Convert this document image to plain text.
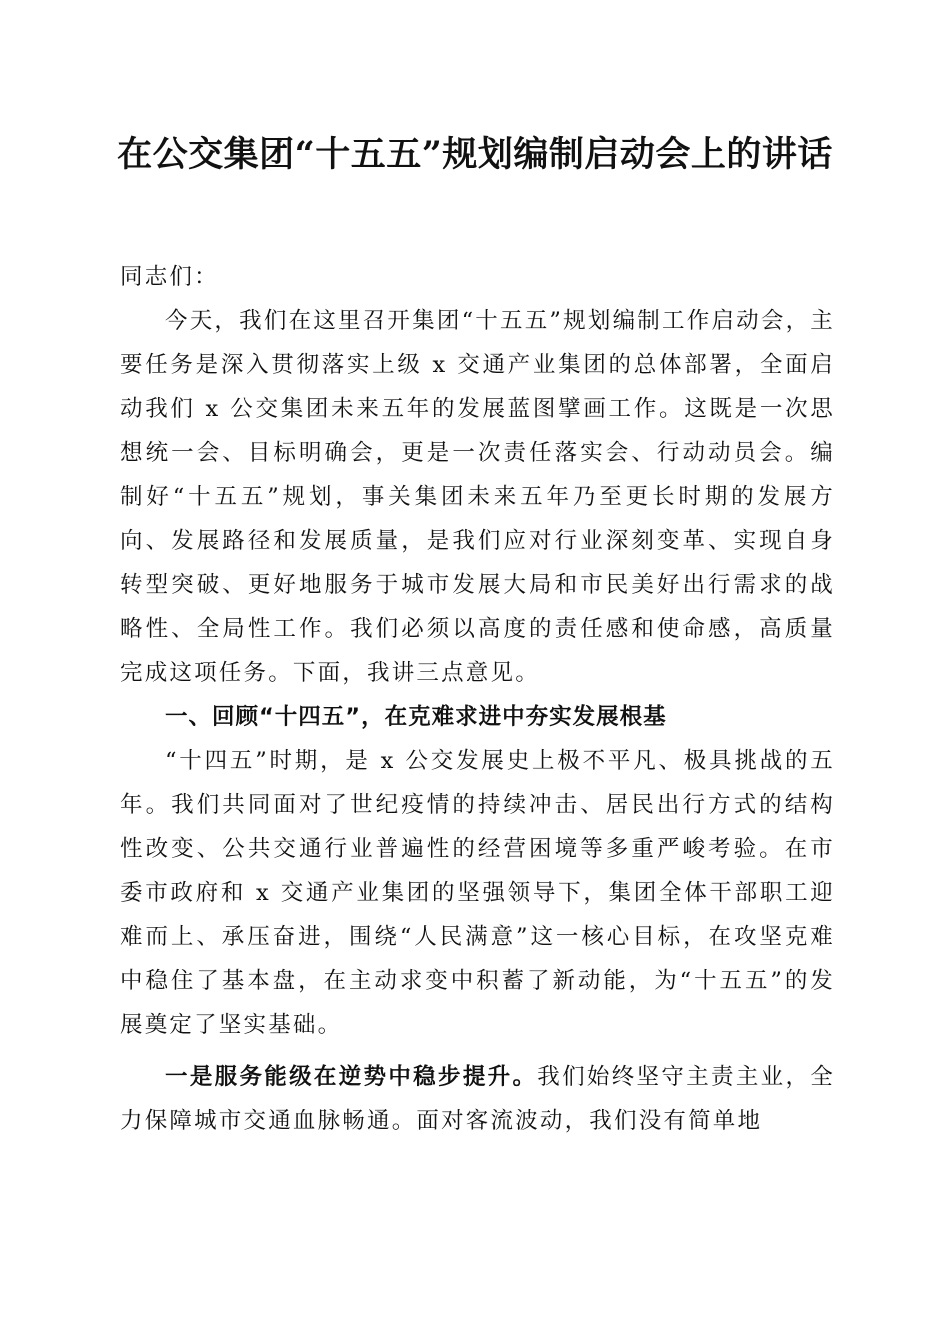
在公交集团“十五五”规划编制启动会上的讲话

同志们：

今天，我们在这里召开集团“十五五”规划编制工作启动会，主要任务是深入贯彻落实上级 x 交通产业集团的总体部署，全面启动我们 x 公交集团未来五年的发展蓝图擘画工作。这既是一次思想统一会、目标明确会，更是一次责任落实会、行动动员会。编制好“十五五”规划，事关集团未来五年乃至更长时期的发展方向、发展路径和发展质量，是我们应对行业深刻变革、实现自身转型突破、更好地服务于城市发展大局和市民美好出行需求的战略性、全局性工作。我们必须以高度的责任感和使命感，高质量完成这项任务。下面，我讲三点意见。

一、回顾“十四五”，在克难求进中夯实发展根基

“十四五”时期，是 x 公交发展史上极不平凡、极具挑战的五年。我们共同面对了世纪疫情的持续冲击、居民出行方式的结构性改变、公共交通行业普遍性的经营困境等多重严峻考验。在市委市政府和 x 交通产业集团的坚强领导下，集团全体干部职工迎难而上、承压奋进，围绕“人民满意”这一核心目标，在攻坚克难中稳住了基本盘，在主动求变中积蓄了新动能，为“十五五”的发展奠定了坚实基础。

一是服务能级在逆势中稳步提升。我们始终坚守主责主业，全力保障城市交通血脉畅通。面对客流波动，我们没有简单地
